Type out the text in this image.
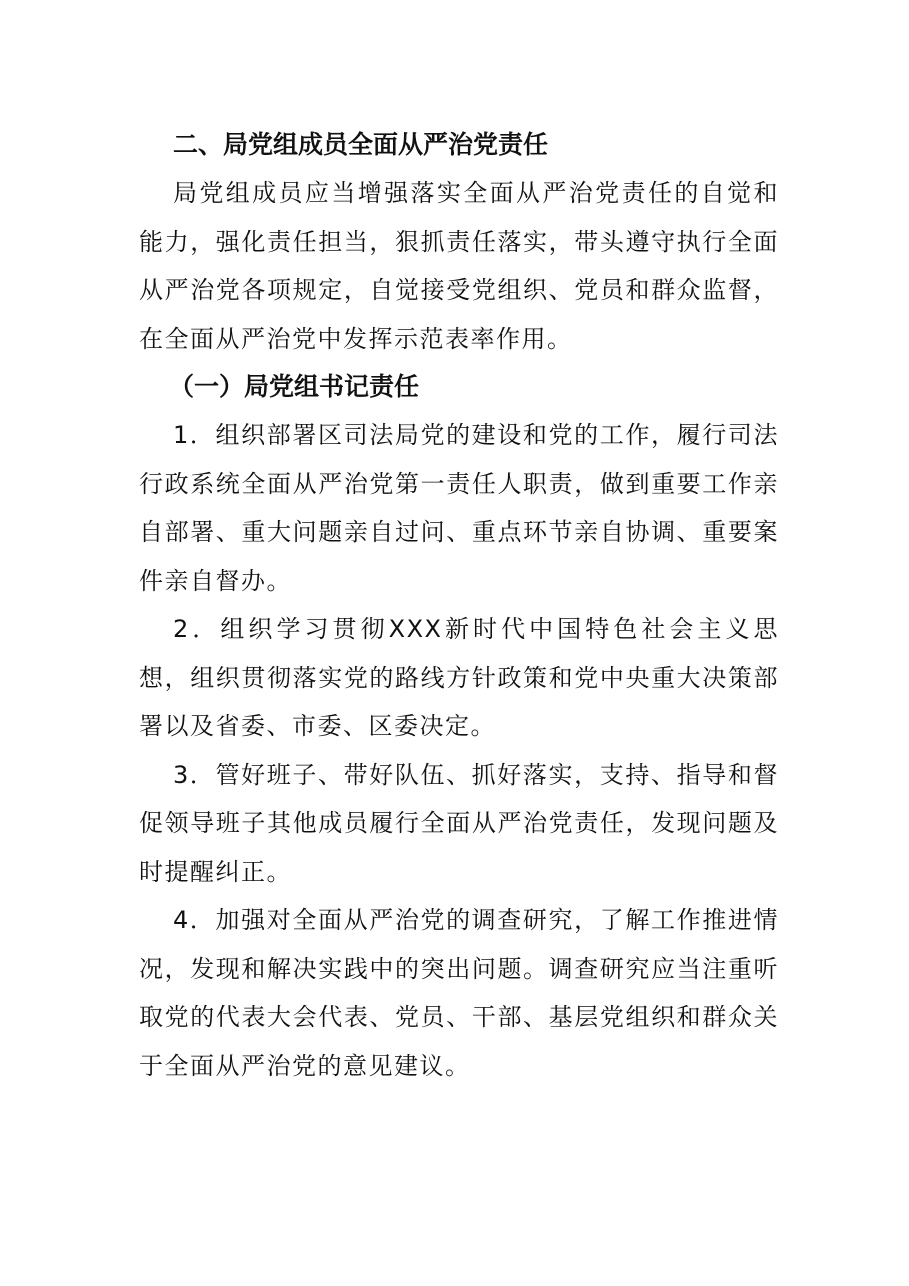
二、局党组成员全面从严治党责任

局党组成员应当增强落实全面从严治党责任的自觉和能力，强化责任担当，狠抓责任落实，带头遵守执行全面从严治党各项规定，自觉接受党组织、党员和群众监督，在全面从严治党中发挥示范表率作用。

（一）局党组书记责任

1．组织部署区司法局党的建设和党的工作，履行司法行政系统全面从严治党第一责任人职责，做到重要工作亲自部署、重大问题亲自过问、重点环节亲自协调、重要案件亲自督办。

2．组织学习贯彻XXX新时代中国特色社会主义思想，组织贯彻落实党的路线方针政策和党中央重大决策部署以及省委、市委、区委决定。

3．管好班子、带好队伍、抓好落实，支持、指导和督促领导班子其他成员履行全面从严治党责任，发现问题及时提醒纠正。

4．加强对全面从严治党的调查研究，了解工作推进情况，发现和解决实践中的突出问题。调查研究应当注重听取党的代表大会代表、党员、干部、基层党组织和群众关于全面从严治党的意见建议。
